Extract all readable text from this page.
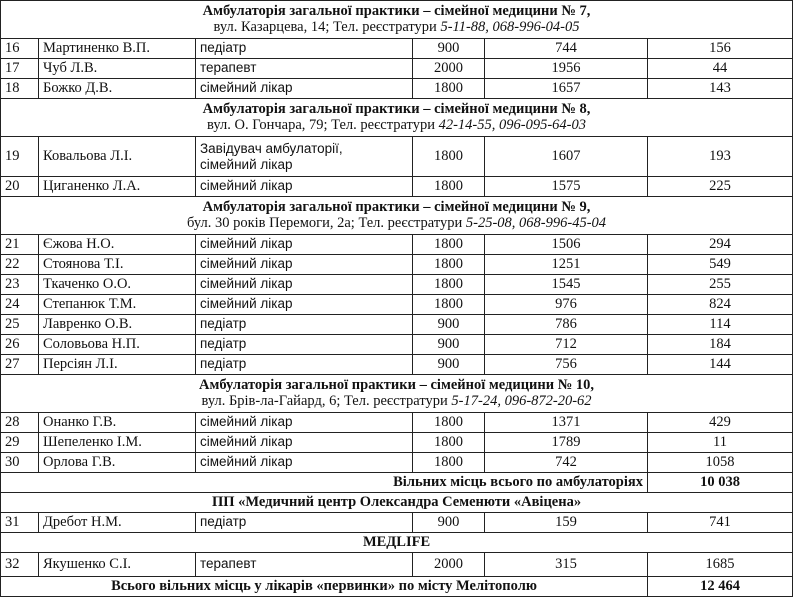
Амбулаторія загальної практики – сімейної медицини № 7,
вул. Казарцева, 14; Тел. реєстратури 5-11-88, 068-996-04-05					

16	Мартиненко В.П.	педіатр	900	744	156
17	Чуб Л.В.	терапевт	2000	1956	44
18	Божко Д.В.	сімейний лікар	1800	1657	143

Амбулаторія загальної практики – сімейної медицини № 8,
вул. О. Гончара, 79; Тел. реєстратури 42-14-55, 096-095-64-03					

19	Ковальова Л.І.	Завідувач амбулаторії,
сімейний лікар	1800	1607	193
20	Циганенко Л.А.	сімейний лікар	1800	1575	225

Амбулаторія загальної практики – сімейної медицини № 9,
бул. 30 років Перемоги, 2а; Тел. реєстратури 5-25-08, 068-996-45-04					

21	Єжова Н.О.	сімейний лікар	1800	1506	294
22	Стоянова Т.І.	сімейний лікар	1800	1251	549
23	Ткаченко О.О.	сімейний лікар	1800	1545	255
24	Степанюк Т.М.	сімейний лікар	1800	976	824
25	Лавренко О.В.	педіатр	900	786	114
26	Соловьова Н.П.	педіатр	900	712	184
27	Персіян Л.І.	педіатр	900	756	144

Амбулаторія загальної практики – сімейної медицини № 10,
вул. Брів-ла-Гайард, 6; Тел. реєстратури 5-17-24, 096-872-20-62					

28	Онанко Г.В.	сімейний лікар	1800	1371	429
29	Шепеленко І.М.	сімейний лікар	1800	1789	11
30	Орлова Г.В.	сімейний лікар	1800	742	1058
Вільних місць всього по амбулаторіях					10 038
ПП «Медичний центр Олександра Семенюти «Авіцена»					
31	Дребот Н.М.	педіатр	900	159	741
МЕДLIFE					
32	Якушенко С.І.	терапевт	2000	315	1685
Всього вільних місць у лікарів «первинки» по місту Мелітополю					12 464
